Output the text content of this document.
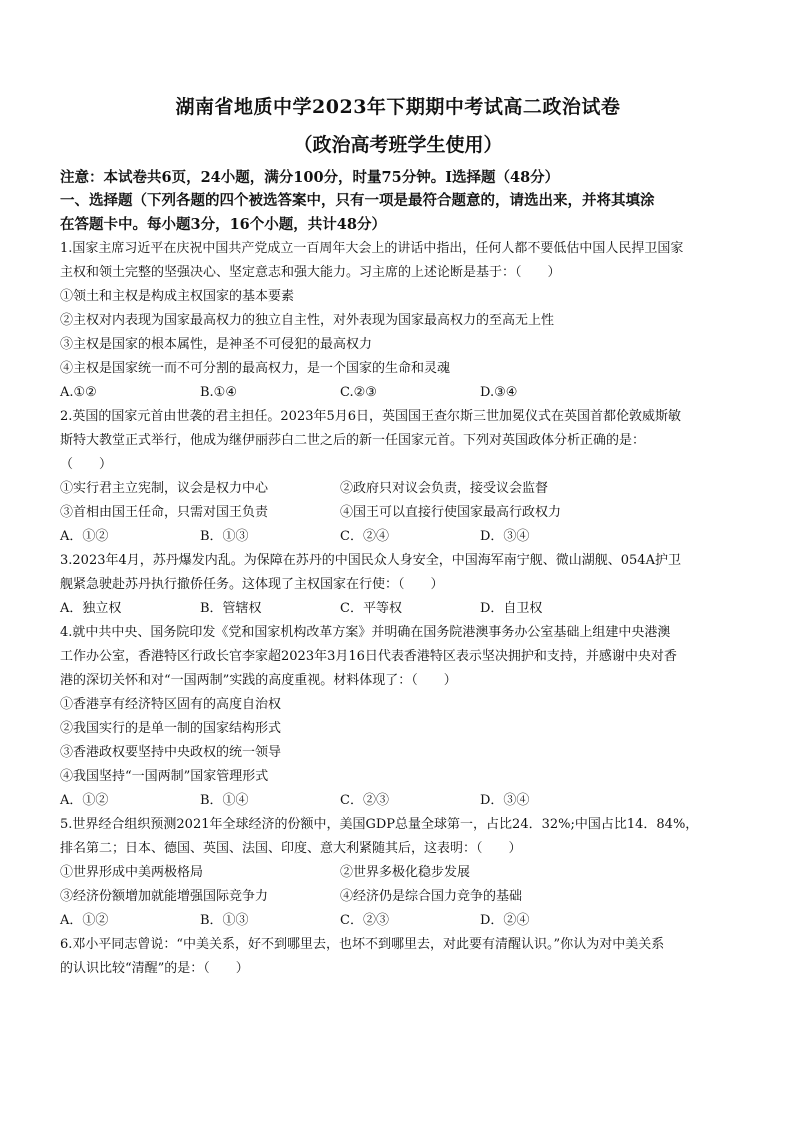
湖南省地质中学2023年下期期中考试高二政治试卷
（政治高考班学生使用）
注意：本试卷共6页，24小题，满分100分，时量75分钟。Ⅰ选择题（48分）
一、选择题（下列各题的四个被选答案中，只有一项是最符合题意的，请选出来，并将其填涂
在答题卡中。每小题3分，16个小题，共计48分）
1.国家主席习近平在庆祝中国共产党成立一百周年大会上的讲话中指出，任何人都不要低估中国人民捍卫国家
主权和领土完整的坚强决心、坚定意志和强大能力。习主席的上述论断是基于：（　　）
①领土和主权是构成主权国家的基本要素
②主权对内表现为国家最高权力的独立自主性，对外表现为国家最高权力的至高无上性
③主权是国家的根本属性，是神圣不可侵犯的最高权力
④主权是国家统一而不可分割的最高权力，是一个国家的生命和灵魂
A.①②	B.①④	C.②③	D.③④
2.英国的国家元首由世袭的君主担任。2023年5月6日，英国国王查尔斯三世加冕仪式在英国首都伦敦威斯敏
斯特大教堂正式举行，他成为继伊丽莎白二世之后的新一任国家元首。下列对英国政体分析正确的是：
（　　）
①实行君主立宪制，议会是权力中心	②政府只对议会负责，接受议会监督
③首相由国王任命，只需对国王负责	④国王可以直接行使国家最高行政权力
A．①②	B．①③	C．②④	D．③④
3.2023年4月，苏丹爆发内乱。为保障在苏丹的中国民众人身安全，中国海军南宁舰、微山湖舰、054A护卫
舰紧急驶赴苏丹执行撤侨任务。这体现了主权国家在行使：（　　）
A．独立权	B．管辖权	C．平等权	D．自卫权
4.就中共中央、国务院印发《党和国家机构改革方案》并明确在国务院港澳事务办公室基础上组建中央港澳
工作办公室，香港特区行政长官李家超2023年3月16日代表香港特区表示坚决拥护和支持，并感谢中央对香
港的深切关怀和对“一国两制”实践的高度重视。材料体现了：（　　）
①香港享有经济特区固有的高度自治权
②我国实行的是单一制的国家结构形式
③香港政权要坚持中央政权的统一领导
④我国坚持“一国两制”国家管理形式
A．①②	B．①④	C．②③	D．③④
5.世界经合组织预测2021年全球经济的份额中，美国GDP总量全球第一，占比24．32%;中国占比14．84%，
排名第二；日本、德国、英国、法国、印度、意大利紧随其后，这表明：（　　）
①世界形成中美两极格局	②世界多极化稳步发展
③经济份额增加就能增强国际竞争力	④经济仍是综合国力竞争的基础
A．①②	B．①③	C．②③	D．②④
6.邓小平同志曾说：“中美关系，好不到哪里去，也坏不到哪里去，对此要有清醒认识。”你认为对中美关系
的认识比较“清醒”的是：（　　）
